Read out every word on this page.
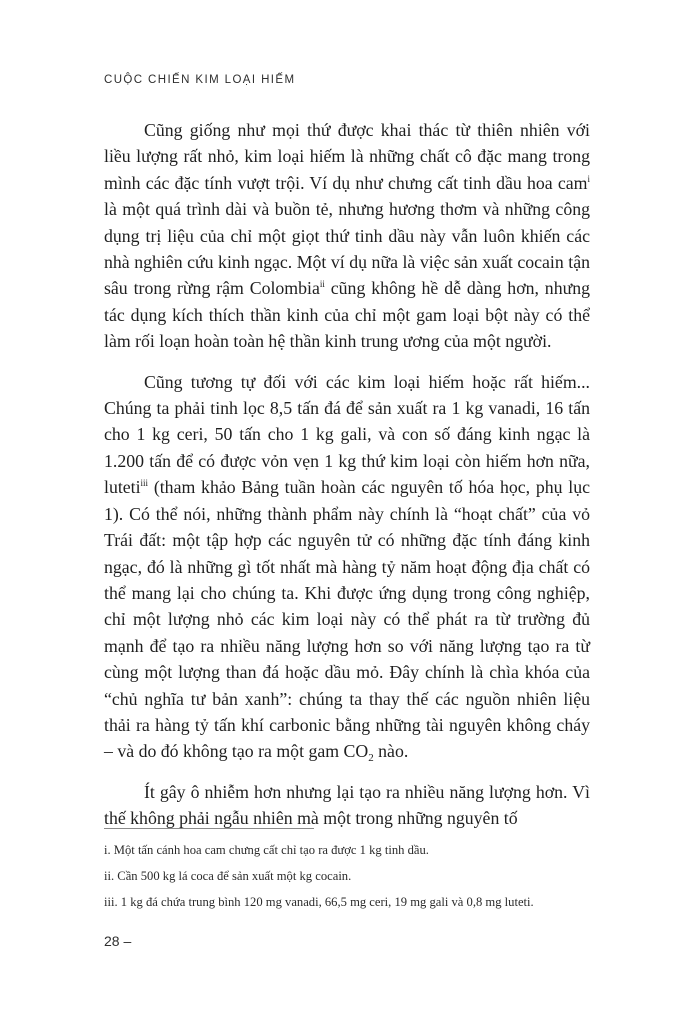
CUỘC CHIẾN KIM LOẠI HIẾM

Cũng giống như mọi thứ được khai thác từ thiên nhiên với liều lượng rất nhỏ, kim loại hiếm là những chất cô đặc mang trong mình các đặc tính vượt trội. Ví dụ như chưng cất tinh dầu hoa cam$^i$ là một quá trình dài và buồn tẻ, nhưng hương thơm và những công dụng trị liệu của chỉ một giọt thứ tinh dầu này vẫn luôn khiến các nhà nghiên cứu kinh ngạc. Một ví dụ nữa là việc sản xuất cocain tận sâu trong rừng rậm Colombia$^{ii}$ cũng không hề dễ dàng hơn, nhưng tác dụng kích thích thần kinh của chỉ một gam loại bột này có thể làm rối loạn hoàn toàn hệ thần kinh trung ương của một người.

Cũng tương tự đối với các kim loại hiếm hoặc rất hiếm... Chúng ta phải tinh lọc 8,5 tấn đá để sản xuất ra 1 kg vanadi, 16 tấn cho 1 kg ceri, 50 tấn cho 1 kg gali, và con số đáng kinh ngạc là 1.200 tấn để có được vỏn vẹn 1 kg thứ kim loại còn hiếm hơn nữa, luteti$^{iii}$ (tham khảo Bảng tuần hoàn các nguyên tố hóa học, phụ lục 1). Có thể nói, những thành phẩm này chính là “hoạt chất” của vỏ Trái đất: một tập hợp các nguyên tử có những đặc tính đáng kinh ngạc, đó là những gì tốt nhất mà hàng tỷ năm hoạt động địa chất có thể mang lại cho chúng ta. Khi được ứng dụng trong công nghiệp, chỉ một lượng nhỏ các kim loại này có thể phát ra từ trường đủ mạnh để tạo ra nhiều năng lượng hơn so với năng lượng tạo ra từ cùng một lượng than đá hoặc dầu mỏ. Đây chính là chìa khóa của “chủ nghĩa tư bản xanh”: chúng ta thay thế các nguồn nhiên liệu thải ra hàng tỷ tấn khí carbonic bằng những tài nguyên không cháy – và do đó không tạo ra một gam $CO_2$ nào.

Ít gây ô nhiễm hơn nhưng lại tạo ra nhiều năng lượng hơn. Vì thế không phải ngẫu nhiên mà một trong những nguyên tố

i. Một tấn cánh hoa cam chưng cất chỉ tạo ra được 1 kg tinh dầu.
ii. Cần 500 kg lá coca để sản xuất một kg cocain.
iii. 1 kg đá chứa trung bình 120 mg vanadi, 66,5 mg ceri, 19 mg gali và 0,8 mg luteti.
28 –
